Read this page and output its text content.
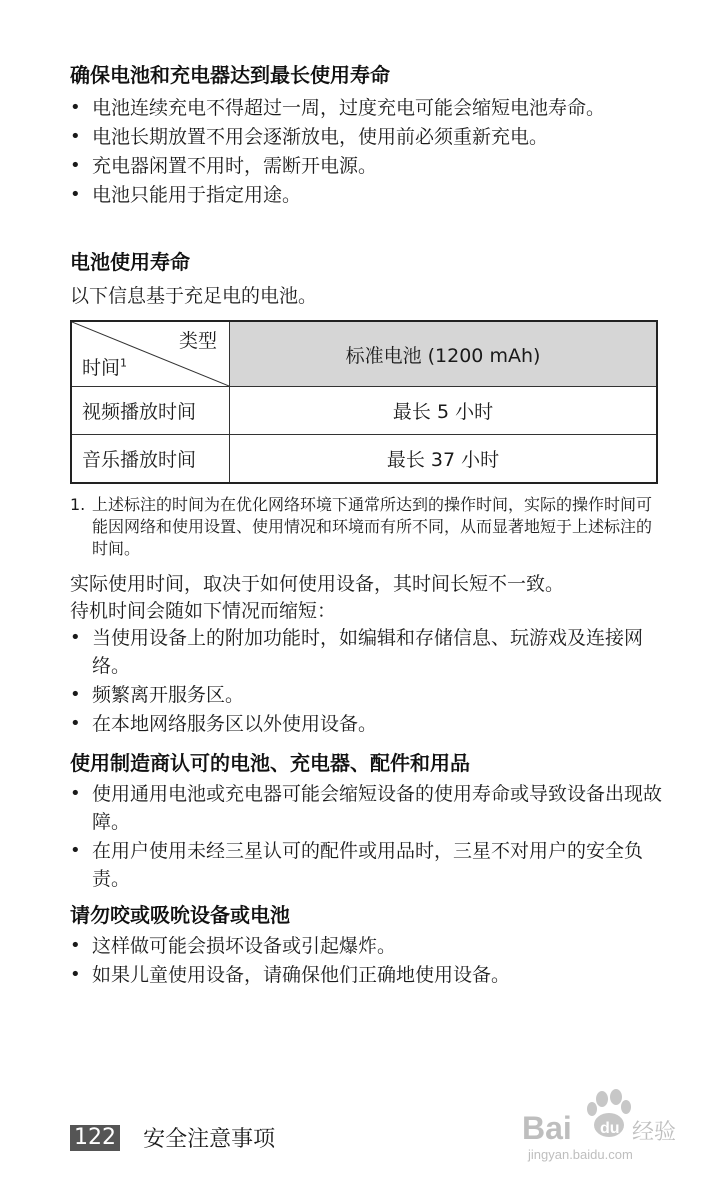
确保电池和充电器达到最长使用寿命
• 电池连续充电不得超过一周，过度充电可能会缩短电池寿命。
• 电池长期放置不用会逐渐放电，使用前必须重新充电。
• 充电器闲置不用时，需断开电源。
• 电池只能用于指定用途。
电池使用寿命

以下信息基于充足电的电池。

类型
时间$^1$	标准电池 (1200 mAh)
视频播放时间	最长 5 小时
音乐播放时间	最长 37 小时
1. 上述标注的时间为在优化网络环境下通常所达到的操作时间，实际的操作时间可能因网络和使用设置、使用情况和环境而有所不同，从而显著地短于上述标注的时间。

实际使用时间，取决于如何使用设备，其时间长短不一致。

待机时间会随如下情况而缩短：

• 当使用设备上的附加功能时，如编辑和存储信息、玩游戏及连接网络。
• 频繁离开服务区。
• 在本地网络服务区以外使用设备。
使用制造商认可的电池、充电器、配件和用品
• 使用通用电池或充电器可能会缩短设备的使用寿命或导致设备出现故障。
• 在用户使用未经三星认可的配件或用品时，三星不对用户的安全负责。
请勿咬或吸吮设备或电池
• 这样做可能会损坏设备或引起爆炸。
• 如果儿童使用设备，请确保他们正确地使用设备。
122 安全注意事项	Bai du 经验
jingyan.baidu.com
